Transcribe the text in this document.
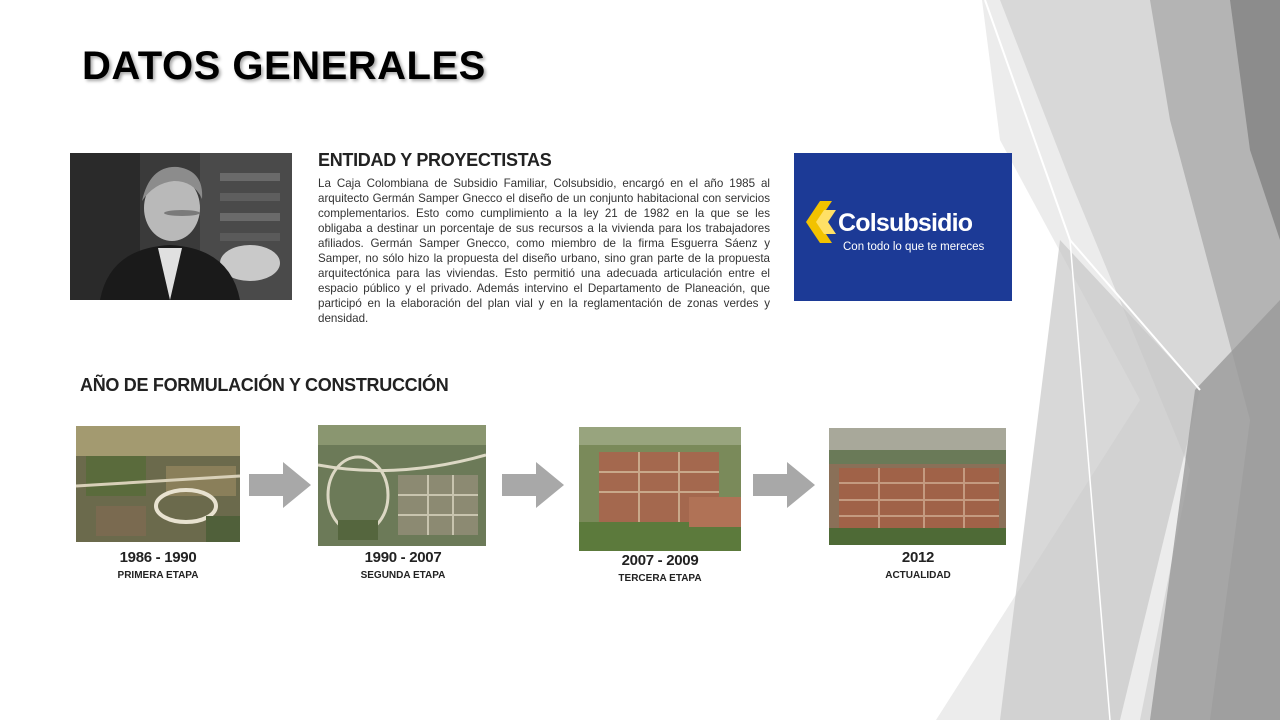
DATOS GENERALES
ENTIDAD Y PROYECTISTAS
La Caja Colombiana de Subsidio Familiar, Colsubsidio, encargó en el año 1985 al arquitecto Germán Samper Gnecco el diseño de un conjunto habitacional con servicios complementarios. Esto como cumplimiento a la ley 21 de 1982 en la que se les obligaba a destinar un porcentaje de sus recursos a la vivienda para los trabajadores afiliados. Germán Samper Gnecco, como miembro de la firma Esguerra Sáenz y Samper, no sólo hizo la propuesta del diseño urbano, sino gran parte de la propuesta arquitectónica para las viviendas. Esto permitió una adecuada articulación entre el espacio público y el privado. Además intervino el Departamento de Planeación, que participó en la elaboración del plan vial y en la reglamentación de zonas verdes y densidad.
Colsubsidio
Con todo lo que te mereces
AÑO DE FORMULACIÓN Y CONSTRUCCIÓN
1986 - 1990
PRIMERA ETAPA
1990 - 2007
SEGUNDA ETAPA
2007 - 2009
TERCERA ETAPA
2012
ACTUALIDAD
